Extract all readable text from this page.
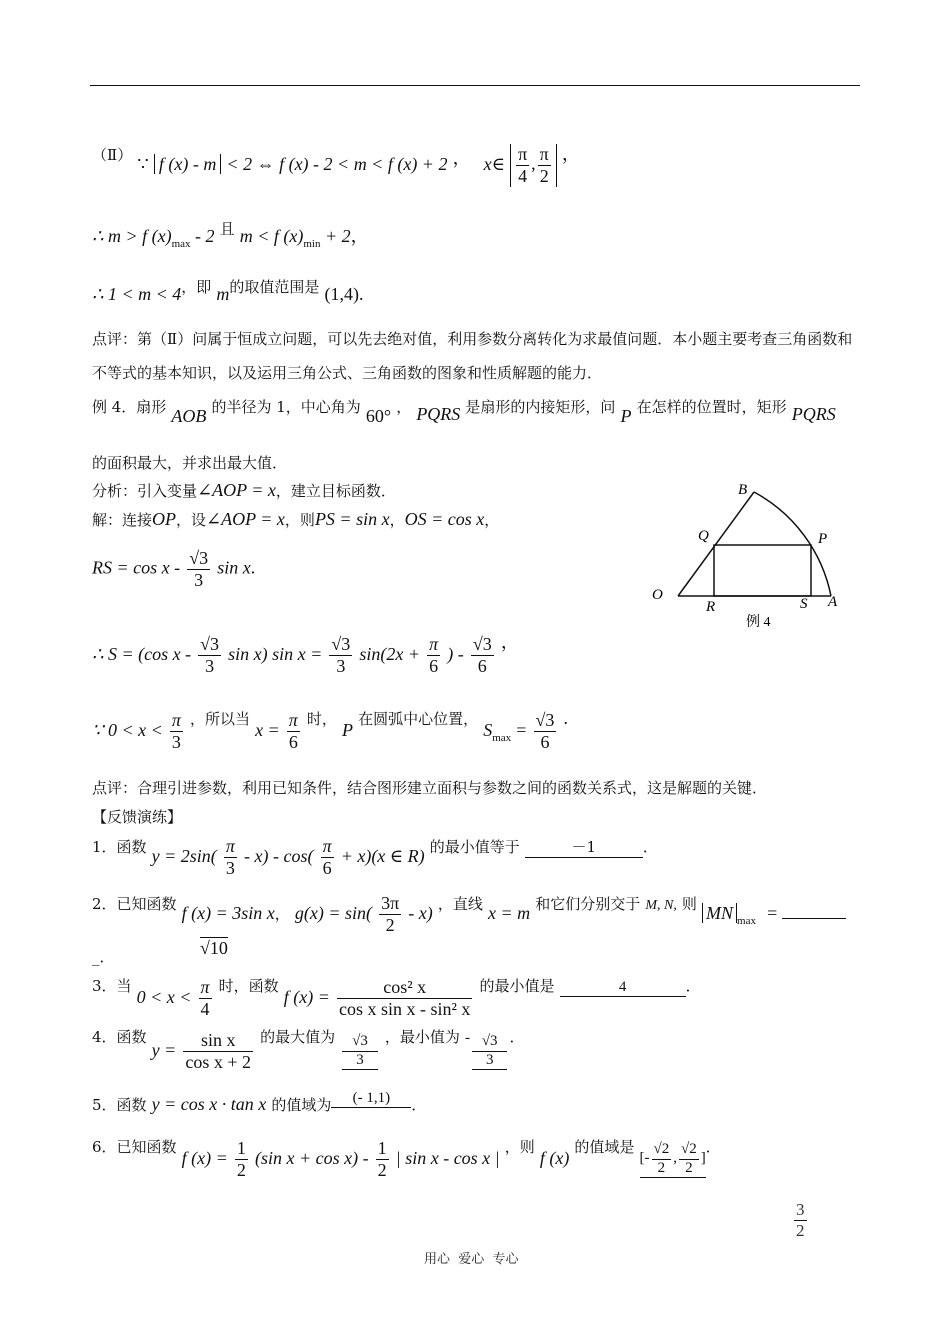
（Ⅱ） ∵ f (x) - m < 2 ⇔ f (x) - 2 < m < f (x) + 2 ， x∈ $\frac{\pi}{4}$ , $\frac{\pi}{2}$ ，
∴ m > f $(x)_{max} - 2$ 且 m < f $(x)_{min} + 2$，
∴ 1 < m < 4，即 m的取值范围是 (1,4).
点评：第（Ⅱ）问属于恒成立问题，可以先去绝对值，利用参数分离转化为求最值问题．本小题主要考查三角函数和不等式的基本知识，以及运用三角公式、三角函数的图象和性质解题的能力．
例 4．扇形 AOB 的半径为 1，中心角为 60° ， PQRS 是扇形的内接矩形，问 P 在怎样的位置时，矩形 PQRS
的面积最大，并求出最大值．
分析：引入变量∠AOP = x，建立目标函数．
解：连接OP，设∠AOP = x，则PS = sin x，OS = cos x，
RS = cos x - $\frac{√3}{3}$ sin x.
∴ S = (cos x - $\frac{√3}{3}$ sin x) $\sin x = \frac{√3}{3} \sin(2x + \frac{\pi}{6}$ ) - $\frac{√3}{6}$ ，
∵ $0 < x < \frac{\pi}{3}$ ，所以当 $x = \frac{\pi}{6}$ 时， P 在圆弧中心位置， $S_{max} = \frac{√3}{6}$ .
B
Q	P
O
R	S A
例 4
点评：合理引进参数，利用已知条件，结合图形建立面积与参数之间的函数关系式，这是解题的关键．
【反馈演练】
1．函数 $y = 2\sin( \frac{\pi}{3} - x) - \cos( \frac{\pi}{6} + x)(x$ ∈ R) 的最小值等于	－1	．
2．已知函数 f (x) = 3sin x， $g(x) = \sin( \frac{3\pi}{2} - x)$ ，直线 x = m 和它们分别交于 M, N, 则 MN $_{max}$ =
_．	√10
3．当 $0 < x < \frac{\pi}{4}$ 时，函数 f $(x) = \frac{\text{cos² x}}{\text{cos x sin x - sin² x}}$ 的最小值是	4	．
4．函数 $y = \frac{\text{sin x}}{\text{cos x + 2}}$ 的最大值为 $\frac{√3}{3}$ ，最小值为 - $\frac{√3}{3}$ ．
5．函数 y = cos x · tan x 的值域为 (- 1,1) ．
6．已知函数 f $(x) = \frac{1}{2} (\sin$ $x + \cos x) - \frac{1}{2}$ | sin x - cos x | ，则 f (x) 的值域是 [- $\frac{√2}{2}$ , $\frac{√2}{2}$ ]．
$\frac{3}{2}$
用心  爱心  专心
